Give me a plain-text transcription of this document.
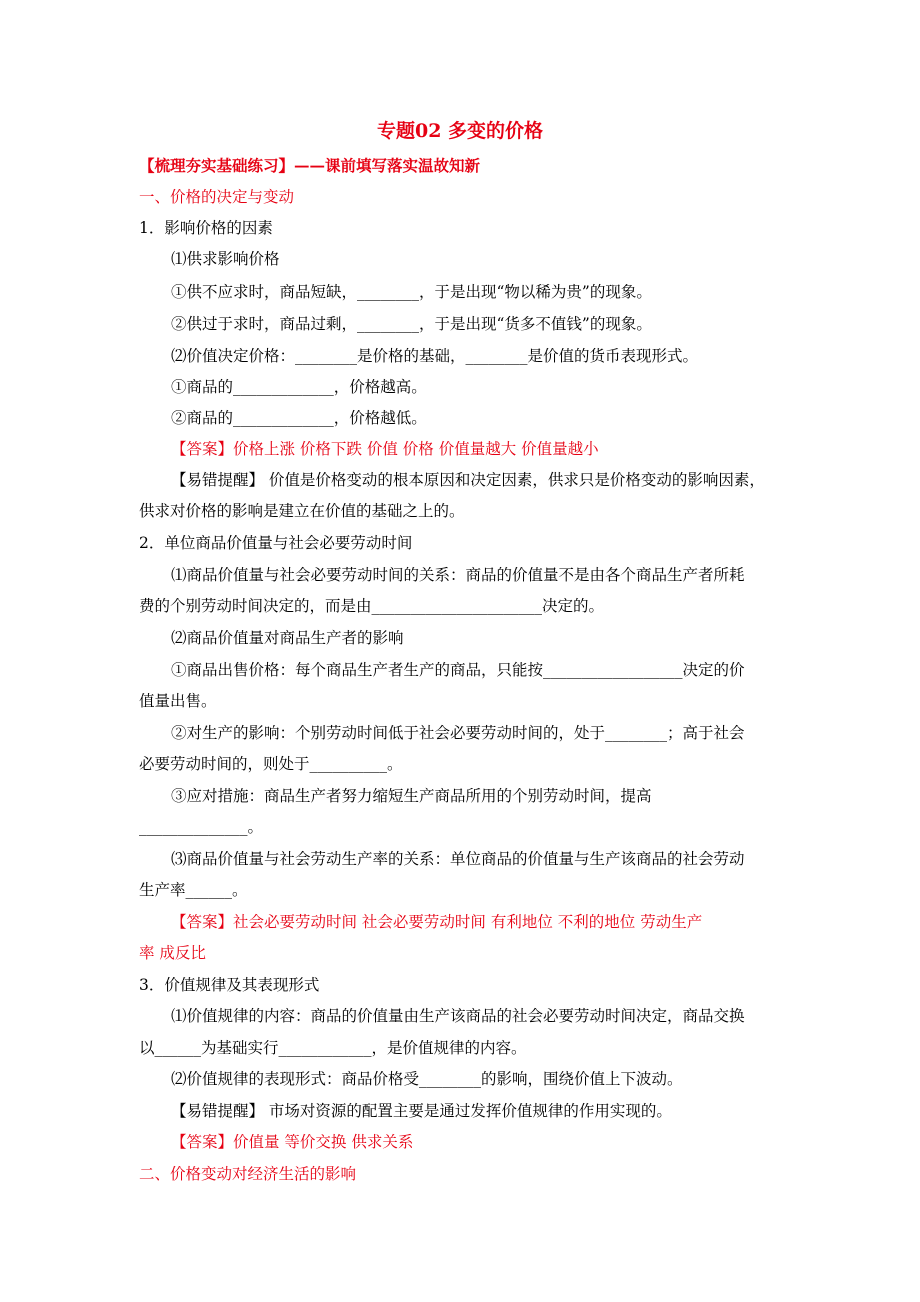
专题02 多变的价格
【梳理夯实基础练习】——课前填写落实温故知新
一、价格的决定与变动
1．影响价格的因素
⑴供求影响价格
①供不应求时，商品短缺，________，于是出现“物以稀为贵”的现象。
②供过于求时，商品过剩，________，于是出现“货多不值钱”的现象。
⑵价值决定价格：________是价格的基础，________是价值的货币表现形式。
①商品的_____________，价格越高。
②商品的_____________，价格越低。
【答案】价格上涨 价格下跌 价值 价格 价值量越大 价值量越小
【易错提醒】 价值是价格变动的根本原因和决定因素，供求只是价格变动的影响因素，
供求对价格的影响是建立在价值的基础之上的。
2．单位商品价值量与社会必要劳动时间
⑴商品价值量与社会必要劳动时间的关系：商品的价值量不是由各个商品生产者所耗
费的个别劳动时间决定的，而是由______________________决定的。
⑵商品价值量对商品生产者的影响
①商品出售价格：每个商品生产者生产的商品，只能按__________________决定的价
值量出售。
②对生产的影响：个别劳动时间低于社会必要劳动时间的，处于________；高于社会
必要劳动时间的，则处于__________。
③应对措施：商品生产者努力缩短生产商品所用的个别劳动时间，提高
______________。
⑶商品价值量与社会劳动生产率的关系：单位商品的价值量与生产该商品的社会劳动
生产率______。
【答案】社会必要劳动时间 社会必要劳动时间 有利地位 不利的地位 劳动生产
率 成反比
3．价值规律及其表现形式
⑴价值规律的内容：商品的价值量由生产该商品的社会必要劳动时间决定，商品交换
以______为基础实行____________，是价值规律的内容。
⑵价值规律的表现形式：商品价格受________的影响，围绕价值上下波动。
【易错提醒】 市场对资源的配置主要是通过发挥价值规律的作用实现的。
【答案】价值量 等价交换 供求关系
二、价格变动对经济生活的影响
